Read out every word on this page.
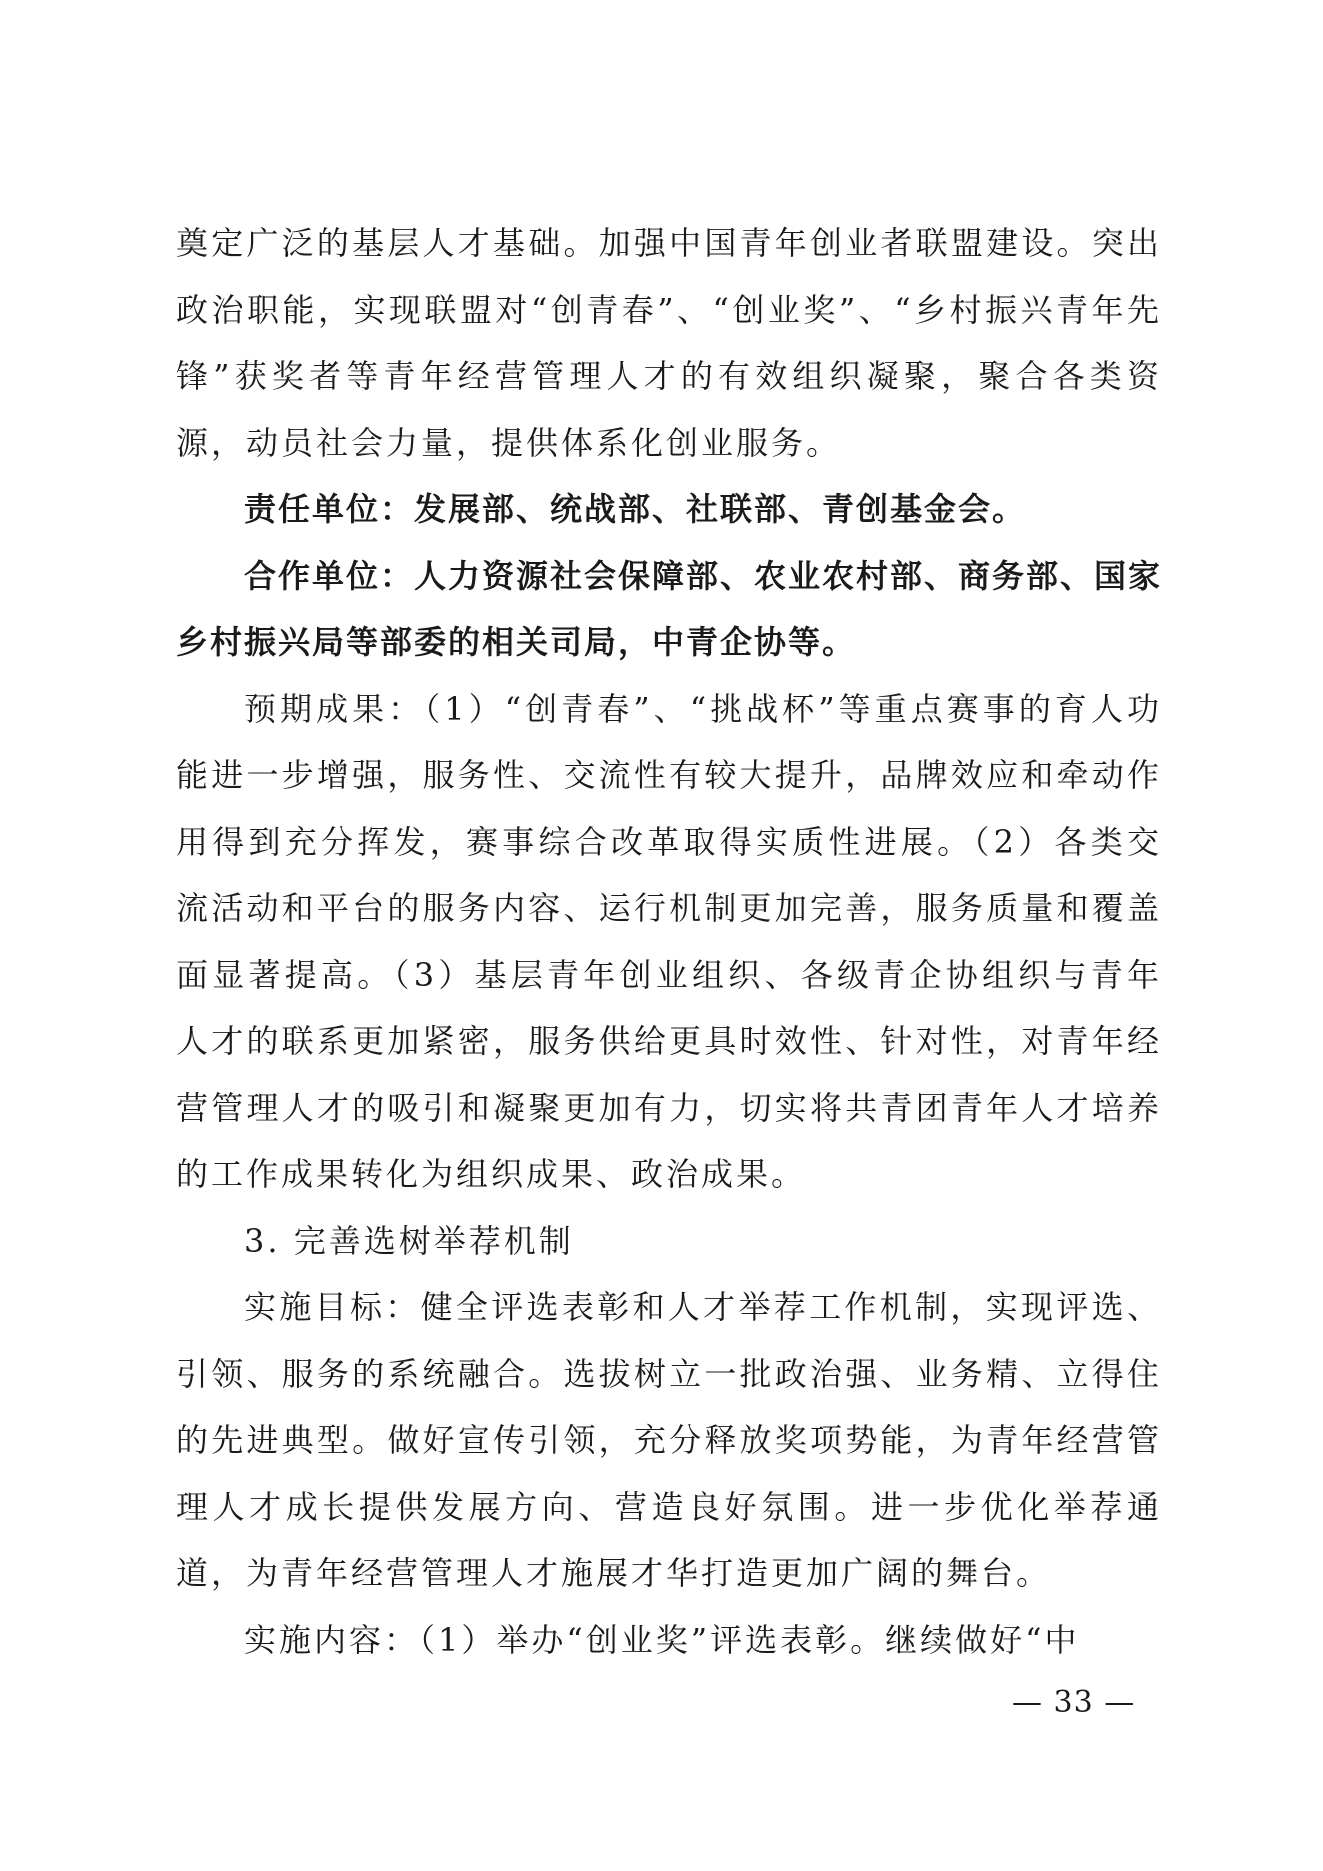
奠定广泛的基层人才基础。加强中国青年创业者联盟建设。突出政治职能，实现联盟对“创青春”、“创业奖”、“乡村振兴青年先锋”获奖者等青年经营管理人才的有效组织凝聚，聚合各类资源，动员社会力量，提供体系化创业服务。

责任单位：发展部、统战部、社联部、青创基金会。

合作单位：人力资源社会保障部、农业农村部、商务部、国家乡村振兴局等部委的相关司局，中青企协等。

预期成果：（1）“创青春”、“挑战杯”等重点赛事的育人功能进一步增强，服务性、交流性有较大提升，品牌效应和牵动作用得到充分挥发，赛事综合改革取得实质性进展。（2）各类交流活动和平台的服务内容、运行机制更加完善，服务质量和覆盖面显著提高。（3）基层青年创业组织、各级青企协组织与青年人才的联系更加紧密，服务供给更具时效性、针对性，对青年经营管理人才的吸引和凝聚更加有力，切实将共青团青年人才培养的工作成果转化为组织成果、政治成果。

3. 完善选树举荐机制

实施目标：健全评选表彰和人才举荐工作机制，实现评选、引领、服务的系统融合。选拔树立一批政治强、业务精、立得住的先进典型。做好宣传引领，充分释放奖项势能，为青年经营管理人才成长提供发展方向、营造良好氛围。进一步优化举荐通道，为青年经营管理人才施展才华打造更加广阔的舞台。

实施内容：（1）举办“创业奖”评选表彰。继续做好“中

— 33 —
